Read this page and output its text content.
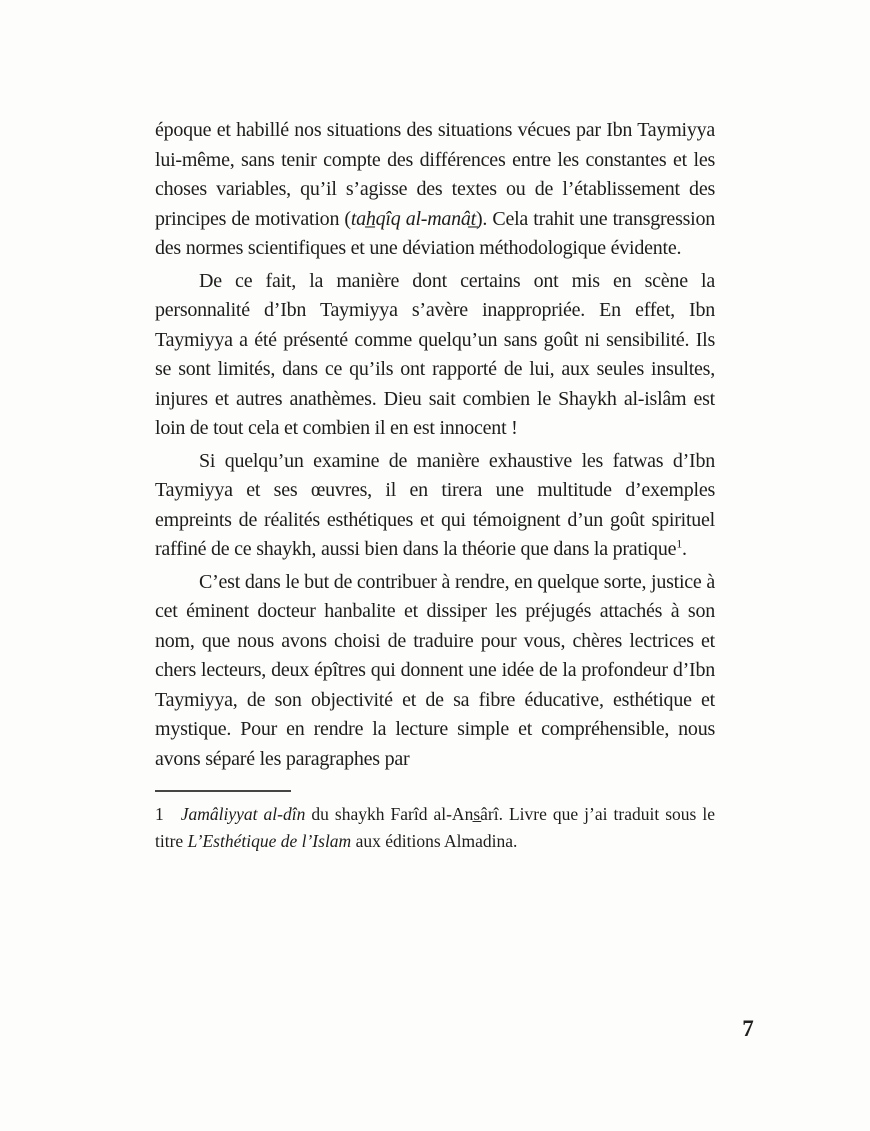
époque et habillé nos situations des situations vécues par Ibn Taymiyya lui-même, sans tenir compte des différences entre les constantes et les choses variables, qu’il s’agisse des textes ou de l’établissement des principes de motivation (tah̲qîq al-manât̲). Cela trahit une transgression des normes scientifiques et une déviation méthodologique évidente.

De ce fait, la manière dont certains ont mis en scène la personnalité d’Ibn Taymiyya s’avère inappropriée. En effet, Ibn Taymiyya a été présenté comme quelqu’un sans goût ni sensibilité. Ils se sont limités, dans ce qu’ils ont rapporté de lui, aux seules insultes, injures et autres anathèmes. Dieu sait combien le Shaykh al-islâm est loin de tout cela et combien il en est innocent !

Si quelqu’un examine de manière exhaustive les fatwas d’Ibn Taymiyya et ses œuvres, il en tirera une multitude d’exemples empreints de réalités esthétiques et qui témoignent d’un goût spirituel raffiné de ce shaykh, aussi bien dans la théorie que dans la pratique$^1$.

C’est dans le but de contribuer à rendre, en quelque sorte, justice à cet éminent docteur hanbalite et dissiper les préjugés attachés à son nom, que nous avons choisi de traduire pour vous, chères lectrices et chers lecteurs, deux épîtres qui donnent une idée de la profondeur d’Ibn Taymiyya, de son objectivité et de sa fibre éducative, esthétique et mystique. Pour en rendre la lecture simple et compréhensible, nous avons séparé les paragraphes par

1 Jamâliyyat al-dîn du shaykh Farîd al-Ans̲ârî. Livre que j’ai traduit sous le titre L’Esthétique de l’Islam aux éditions Almadina.

7
